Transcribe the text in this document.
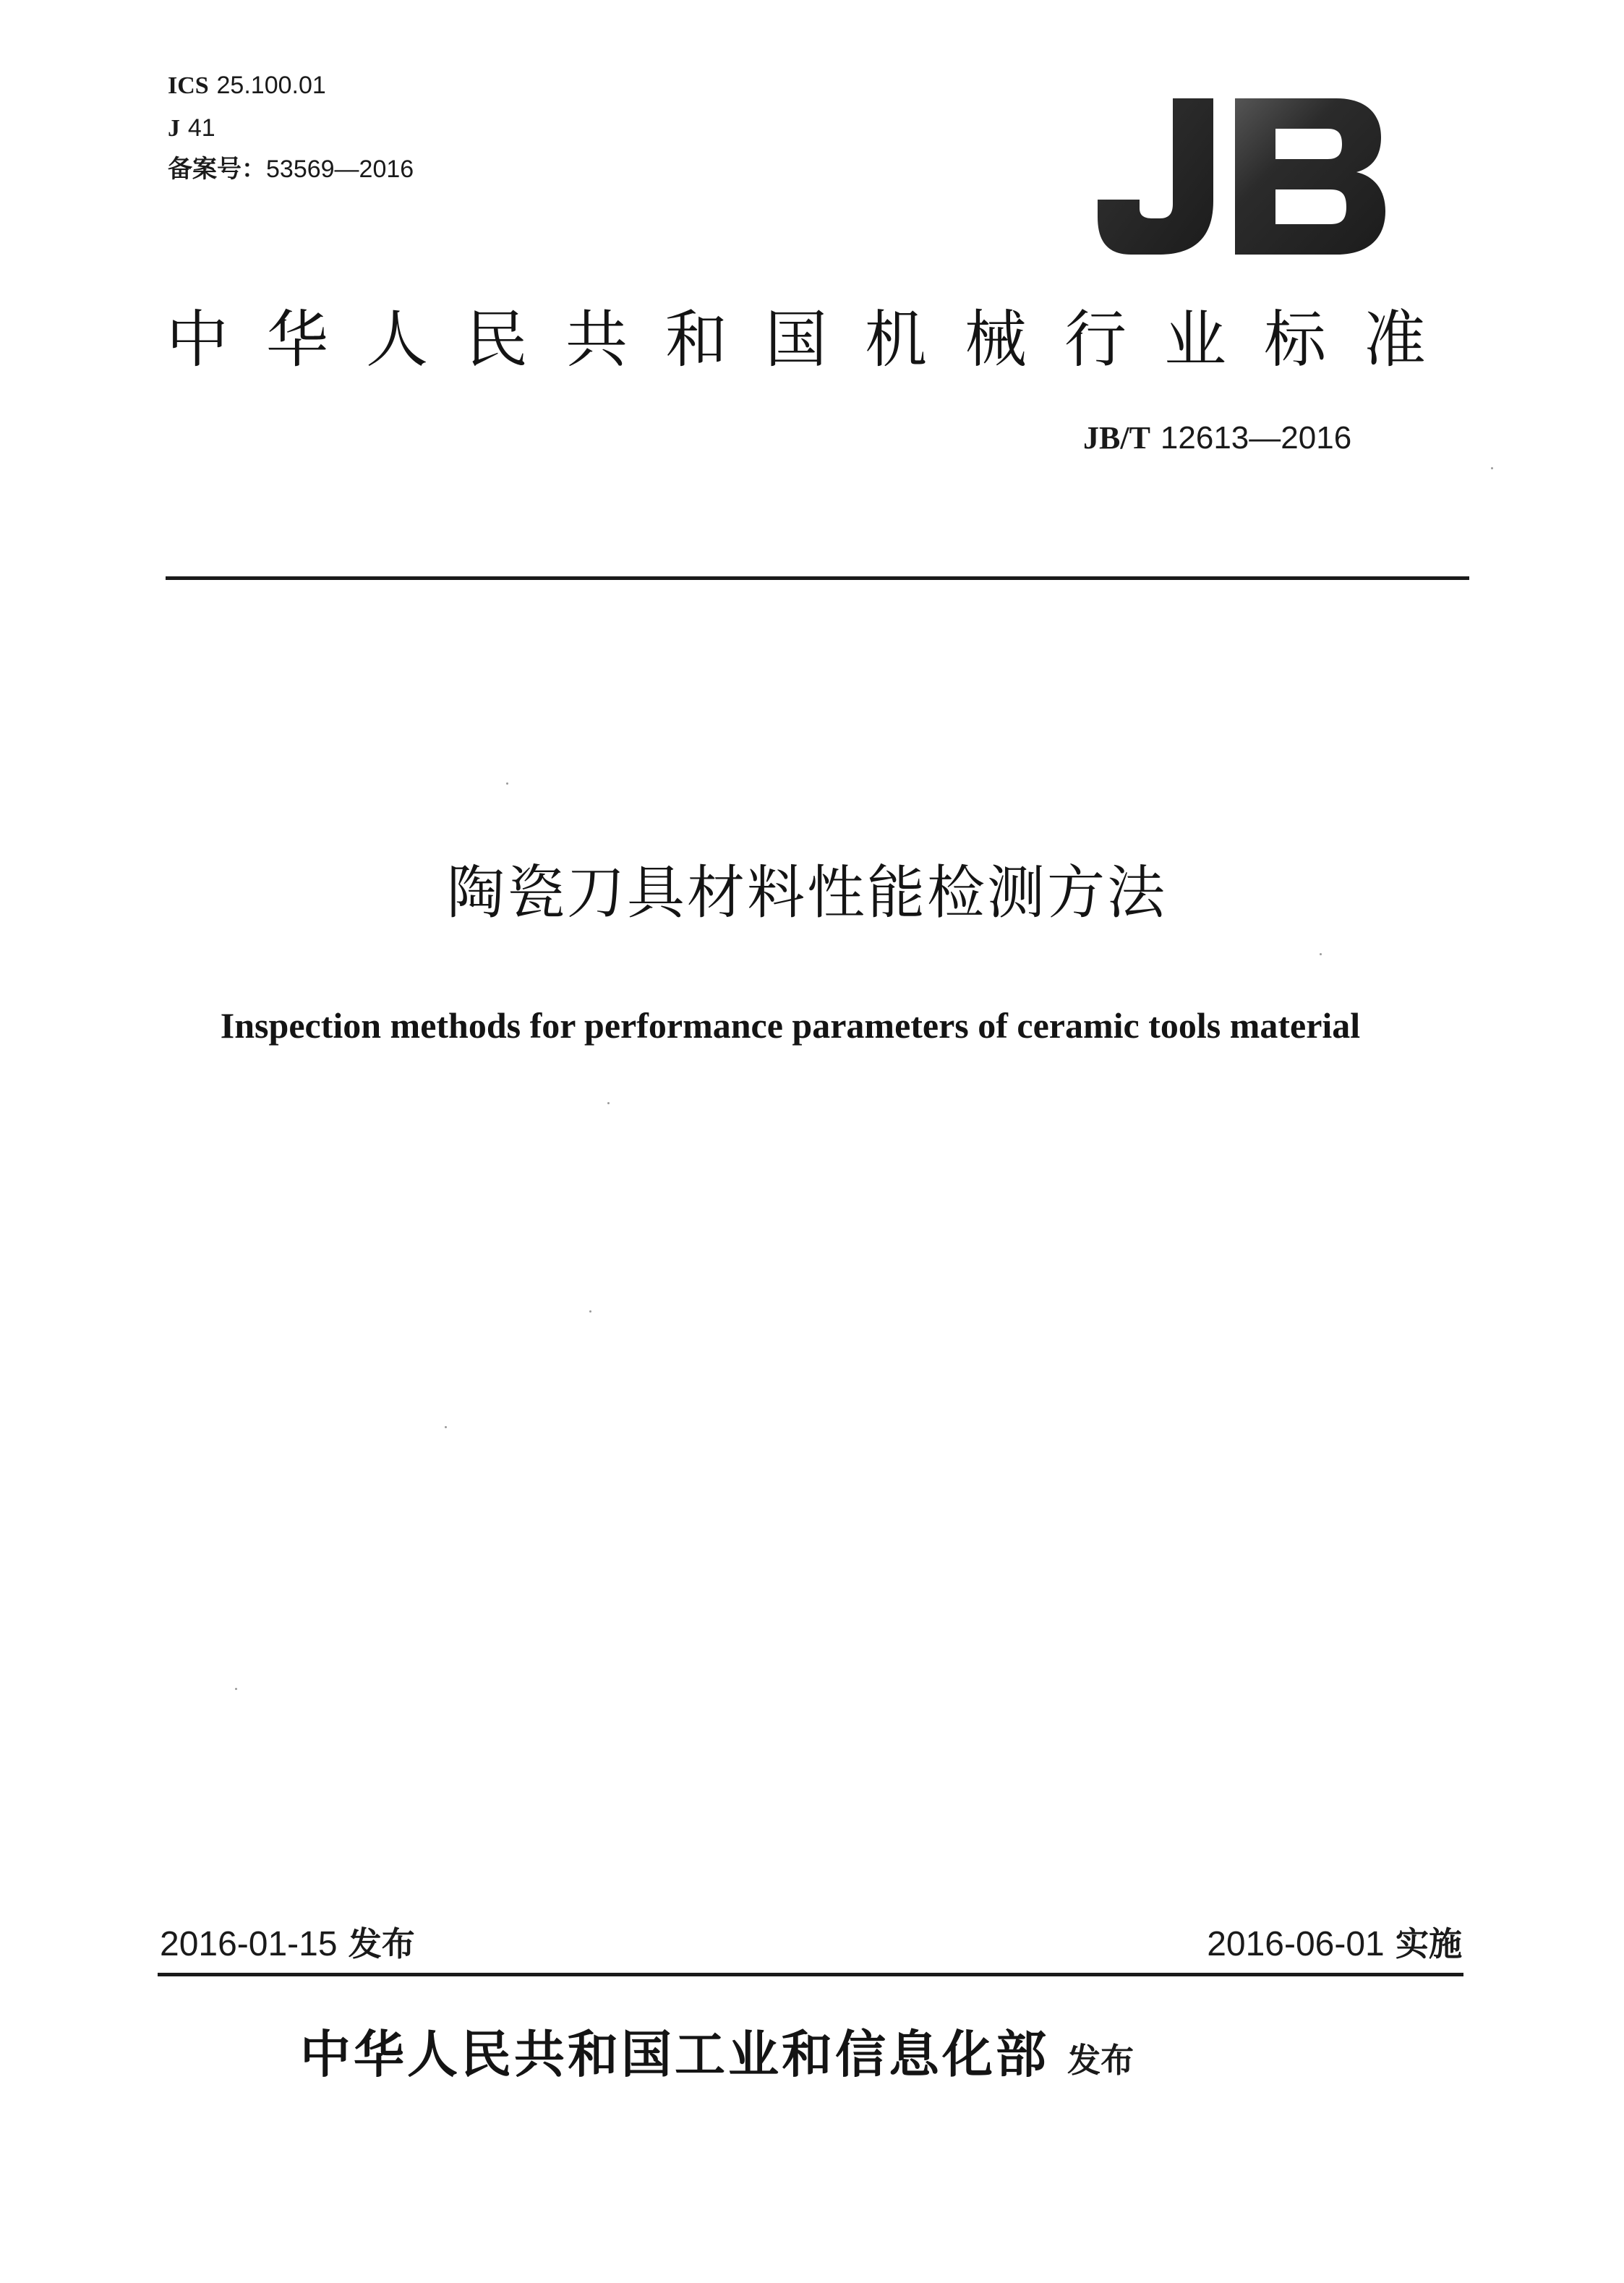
ICS 25.100.01
J 41
备案号：53569—2016
中华人民共和国机械行业标准
JB/T 12613—2016
陶瓷刀具材料性能检测方法
Inspection methods for performance parameters of ceramic tools material
2016-01-15 发布	2016-06-01 实施
中华人民共和国工业和信息化部 发布
